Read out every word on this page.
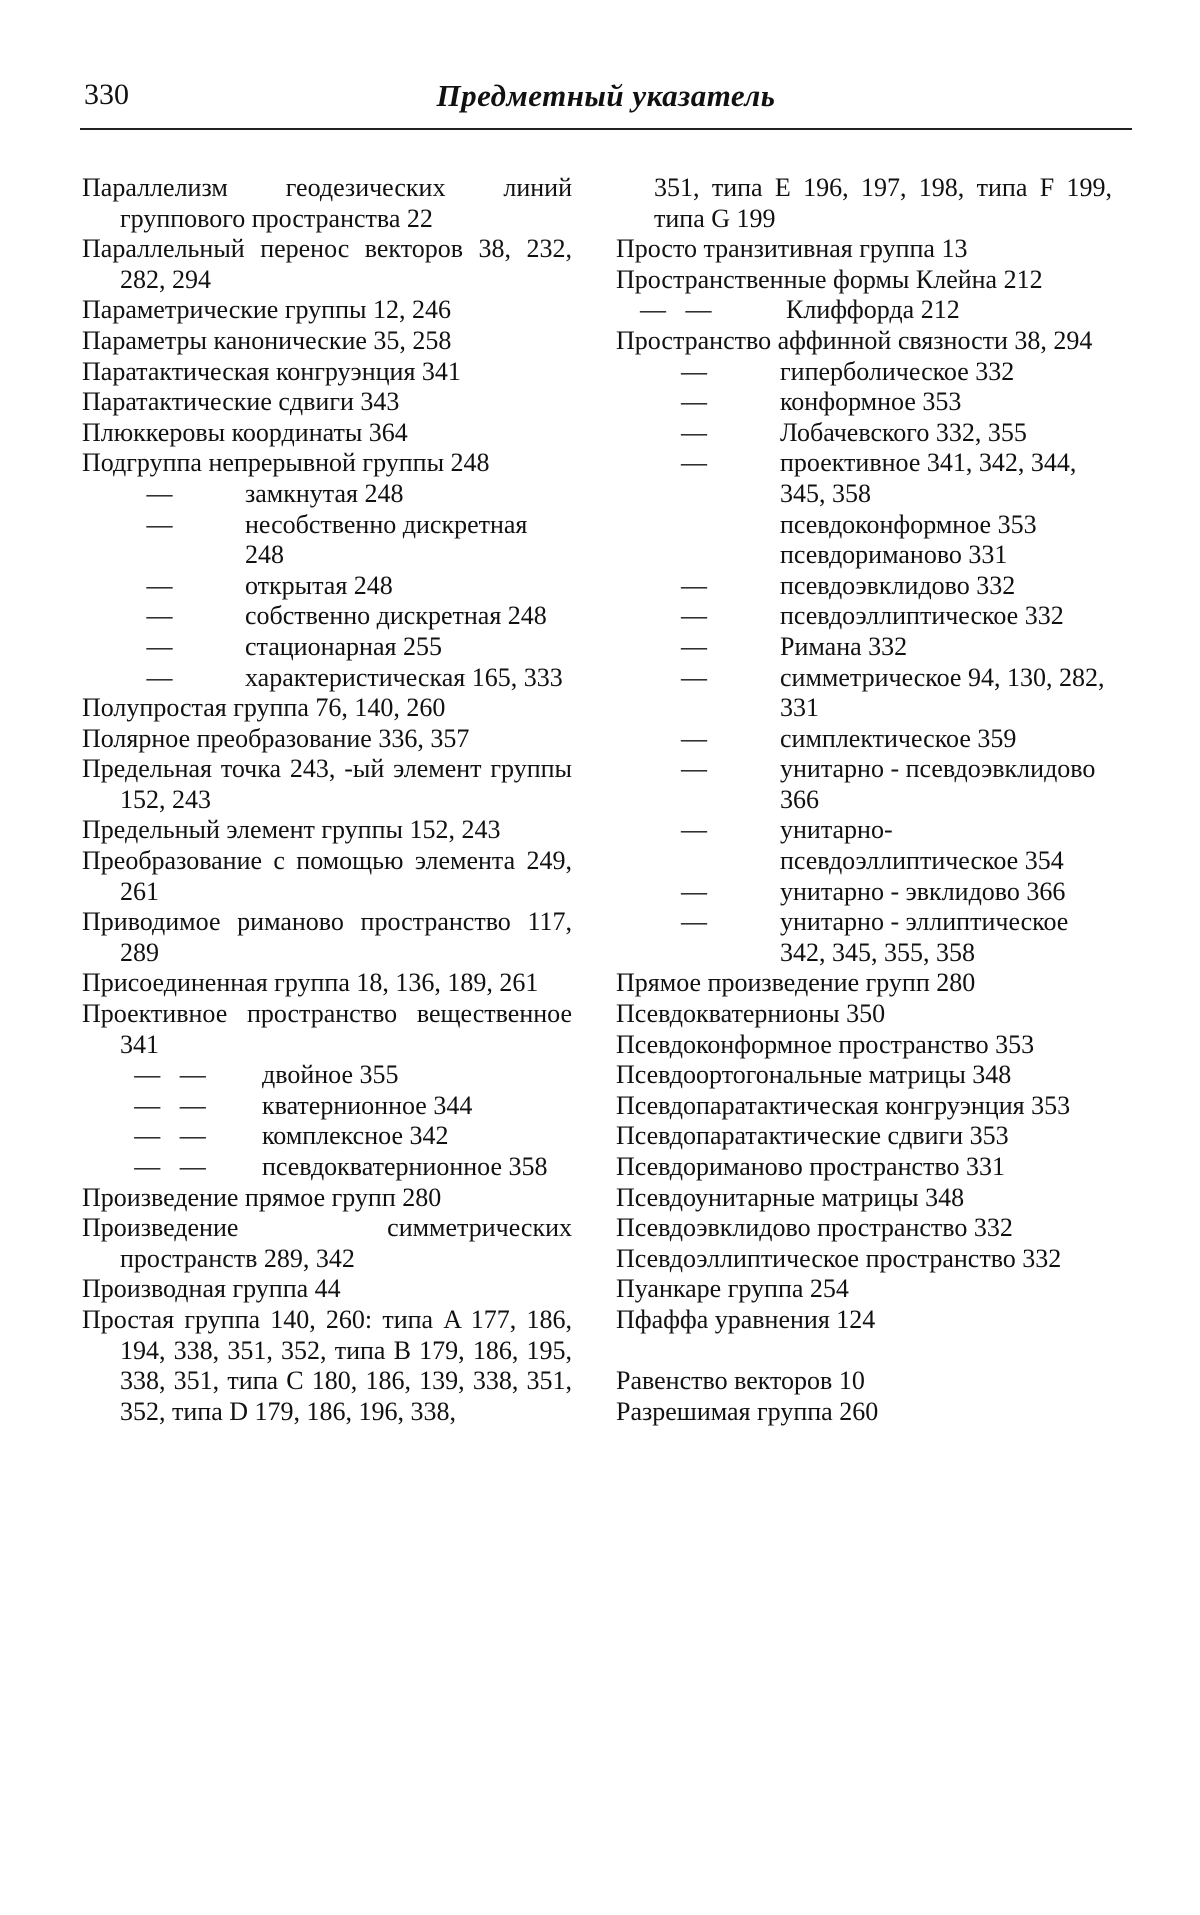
330	Предметный указатель
Параллелизм геодезических линий группового пространства 22
Параллельный перенос векторов 38, 232, 282, 294
Параметрические группы 12, 246
Параметры канонические 35, 258
Паратактическая конгруэнция 341
Паратактические сдвиги 343
Плюккеровы координаты 364
Подгруппа непрерывной группы 248
—	замкнутая 248
—	несобственно дискретная 248
—	открытая 248
—	собственно дискретная 248
—	стационарная 255
—	характеристическая 165, 333
Полупростая группа 76, 140, 260
Полярное преобразование 336, 357
Предельная точка 243, -ый элемент группы 152, 243
Предельный элемент группы 152, 243
Преобразование с помощью элемента 249, 261
Приводимое риманово пространство 117, 289
Присоединенная группа 18, 136, 189, 261
Проективное пространство вещественное 341
—   —	двойное 355
—   —	кватернионное 344
—   —	комплексное 342
—   —	псевдокватернионное 358
Произведение прямое групп 280
Произведение симметрических пространств 289, 342
Производная группа 44
Простая группа 140, 260: типа A 177, 186, 194, 338, 351, 352, типа B 179, 186, 195, 338, 351, типа C 180, 186, 139, 338, 351, 352, типа D 179, 186, 196, 338,
351, типа E 196, 197, 198, типа F 199, типа G 199
Просто транзитивная группа 13
Пространственные формы Клейна 212
—   —	Клиффорда 212
Пространство аффинной связности 38, 294
—	гиперболическое 332
—	конформное 353
—	Лобачевского 332, 355
—	проективное 341, 342, 344, 345, 358
псевдоконформное 353
псевдориманово 331
—	псевдоэвклидово 332
—	псевдоэллиптическое 332
—	Римана 332
—	симметрическое 94, 130, 282, 331
—	симплектическое 359
—	унитарно - псевдоэвклидово 366
—	унитарно-псевдоэллиптическое 354
—	унитарно - эвклидово 366
—	унитарно - эллиптическое 342, 345, 355, 358
Прямое произведение групп 280
Псевдокватернионы 350
Псевдоконформное пространство 353
Псевдоортогональные матрицы 348
Псевдопаратактическая конгруэнция 353
Псевдопаратактические сдвиги 353
Псевдориманово пространство 331
Псевдоунитарные матрицы 348
Псевдоэвклидово пространство 332
Псевдоэллиптическое пространство 332
Пуанкаре группа 254
Пфаффа уравнения 124
Равенство векторов 10
Разрешимая группа 260
